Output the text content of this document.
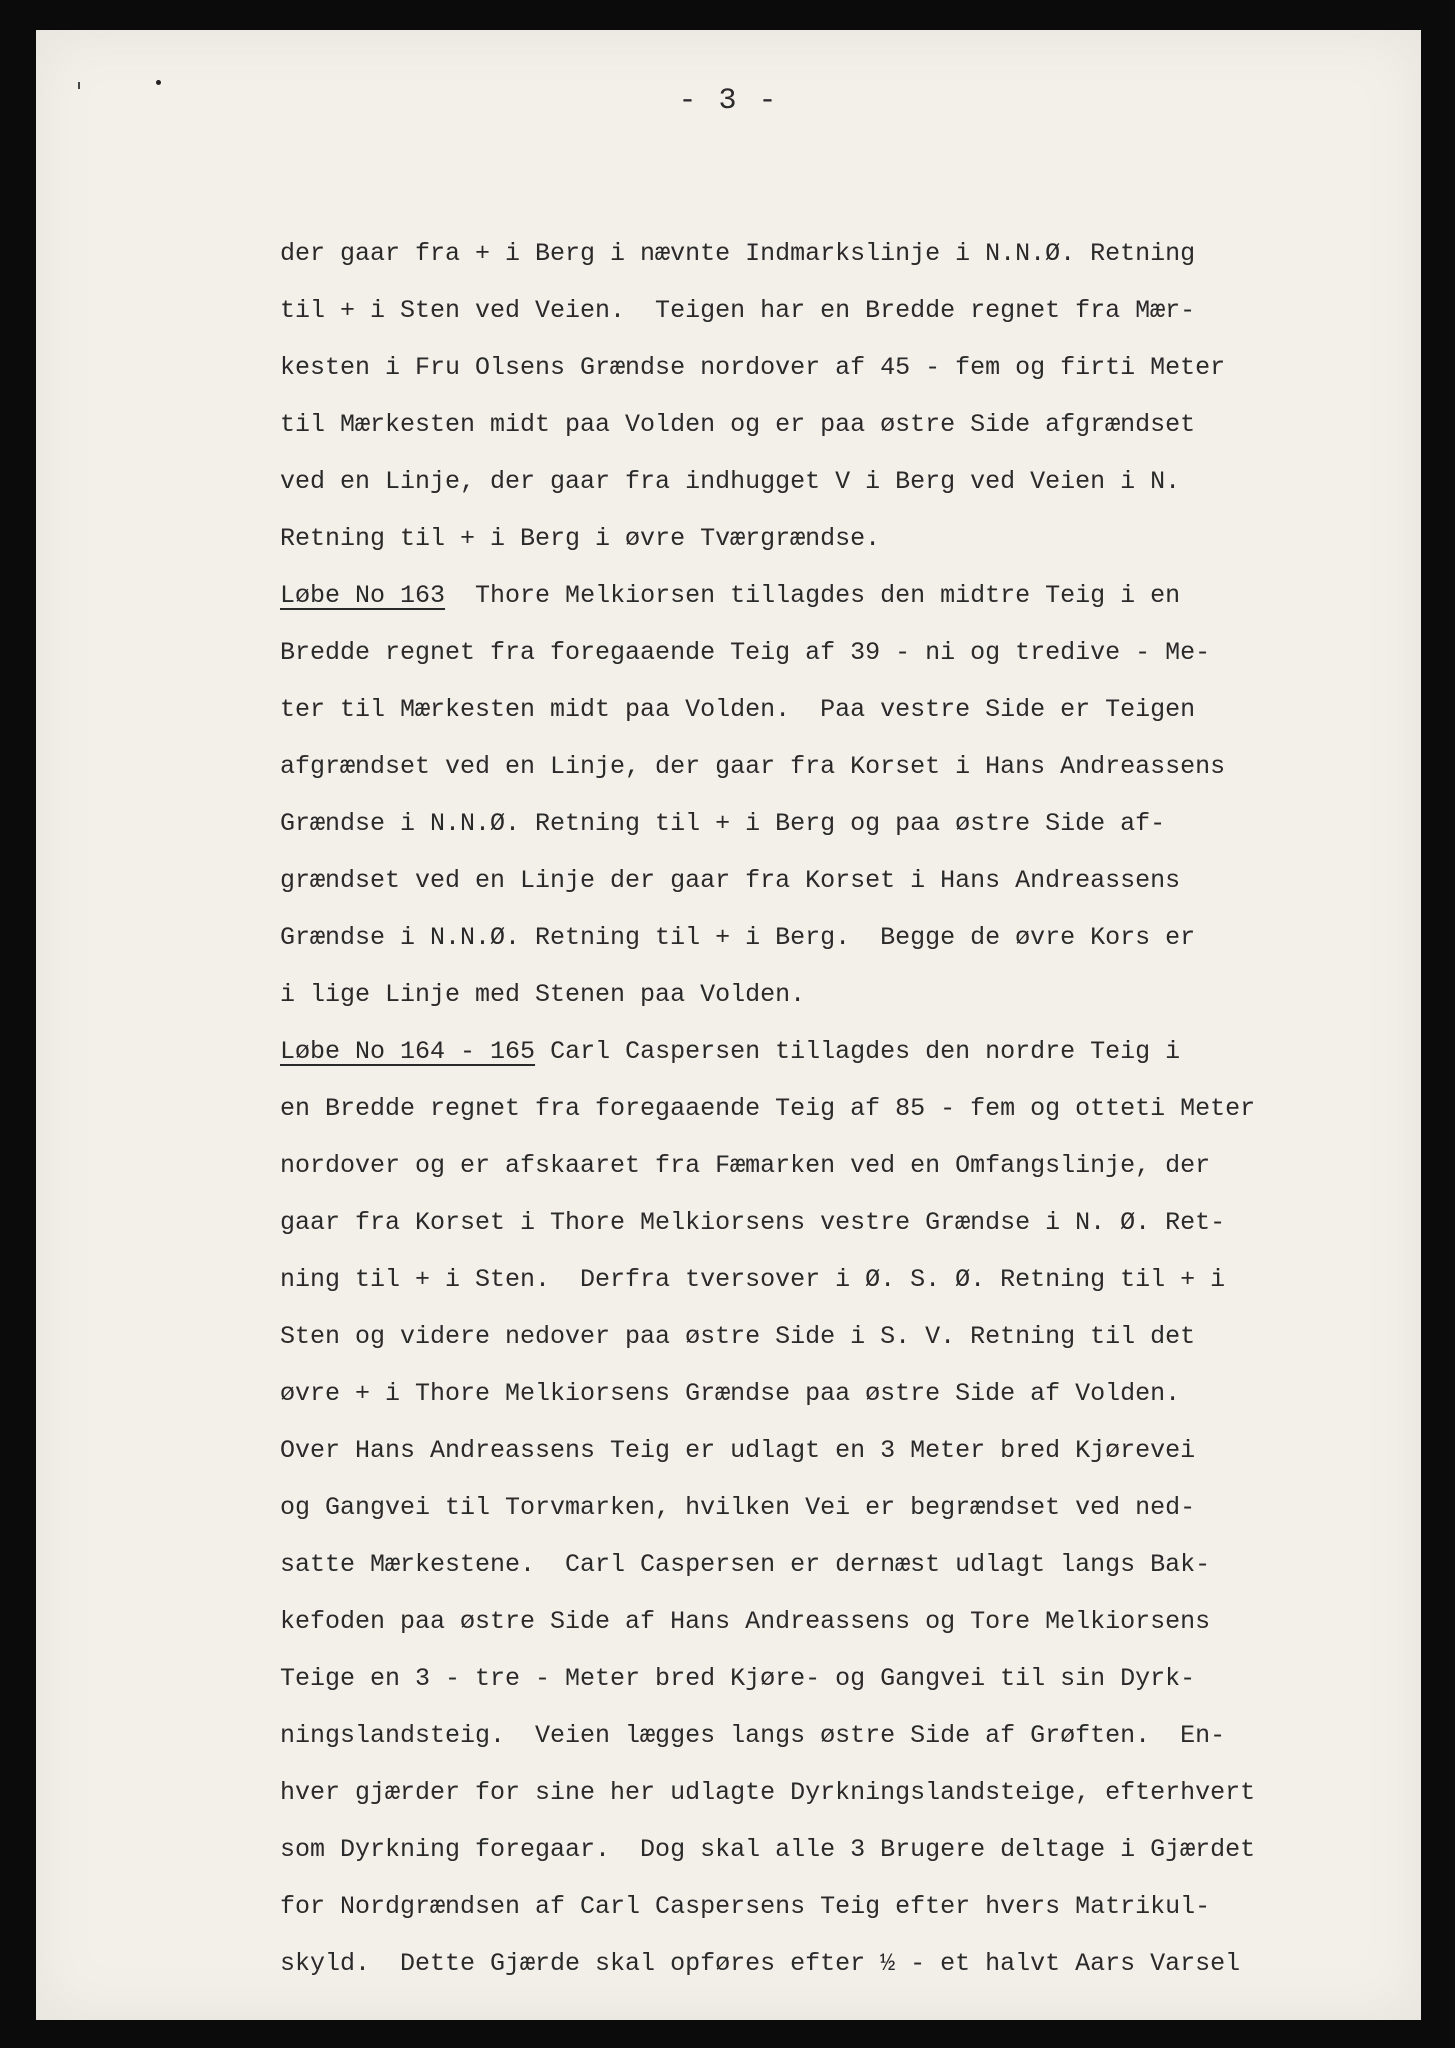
- 3 -
der gaar fra + i Berg i nævnte Indmarkslinje i N.N.Ø. Retning
til + i Sten ved Veien.  Teigen har en Bredde regnet fra Mær-
kesten i Fru Olsens Grændse nordover af 45 - fem og firti Meter
til Mærkesten midt paa Volden og er paa østre Side afgrændset
ved en Linje, der gaar fra indhugget V i Berg ved Veien i N.
Retning til + i Berg i øvre Tværgrændse.
Løbe No 163 Thore Melkiorsen tillagdes den midtre Teig i en
Bredde regnet fra foregaaende Teig af 39 - ni og tredive - Me-
ter til Mærkesten midt paa Volden.  Paa vestre Side er Teigen
afgrændset ved en Linje, der gaar fra Korset i Hans Andreassens
Grændse i N.N.Ø. Retning til + i Berg og paa østre Side af-
grændset ved en Linje der gaar fra Korset i Hans Andreassens
Grændse i N.N.Ø. Retning til + i Berg.  Begge de øvre Kors er
i lige Linje med Stenen paa Volden.
Løbe No 164 - 165 Carl Caspersen tillagdes den nordre Teig i
en Bredde regnet fra foregaaende Teig af 85 - fem og otteti Meter
nordover og er afskaaret fra Fæmarken ved en Omfangslinje, der
gaar fra Korset i Thore Melkiorsens vestre Grændse i N. Ø. Ret-
ning til + i Sten.  Derfra tversover i Ø. S. Ø. Retning til + i
Sten og videre nedover paa østre Side i S. V. Retning til det
øvre + i Thore Melkiorsens Grændse paa østre Side af Volden.
Over Hans Andreassens Teig er udlagt en 3 Meter bred Kjørevei
og Gangvei til Torvmarken, hvilken Vei er begrændset ved ned-
satte Mærkestene.  Carl Caspersen er dernæst udlagt langs Bak-
kefoden paa østre Side af Hans Andreassens og Tore Melkiorsens
Teige en 3 - tre - Meter bred Kjøre- og Gangvei til sin Dyrk-
ningslandsteig.  Veien lægges langs østre Side af Grøften.  En-
hver gjærder for sine her udlagte Dyrkningslandsteige, efterhvert
som Dyrkning foregaar.  Dog skal alle 3 Brugere deltage i Gjærdet
for Nordgrændsen af Carl Caspersens Teig efter hvers Matrikul-
skyld.  Dette Gjærde skal opføres efter ½ - et halvt Aars Varsel
